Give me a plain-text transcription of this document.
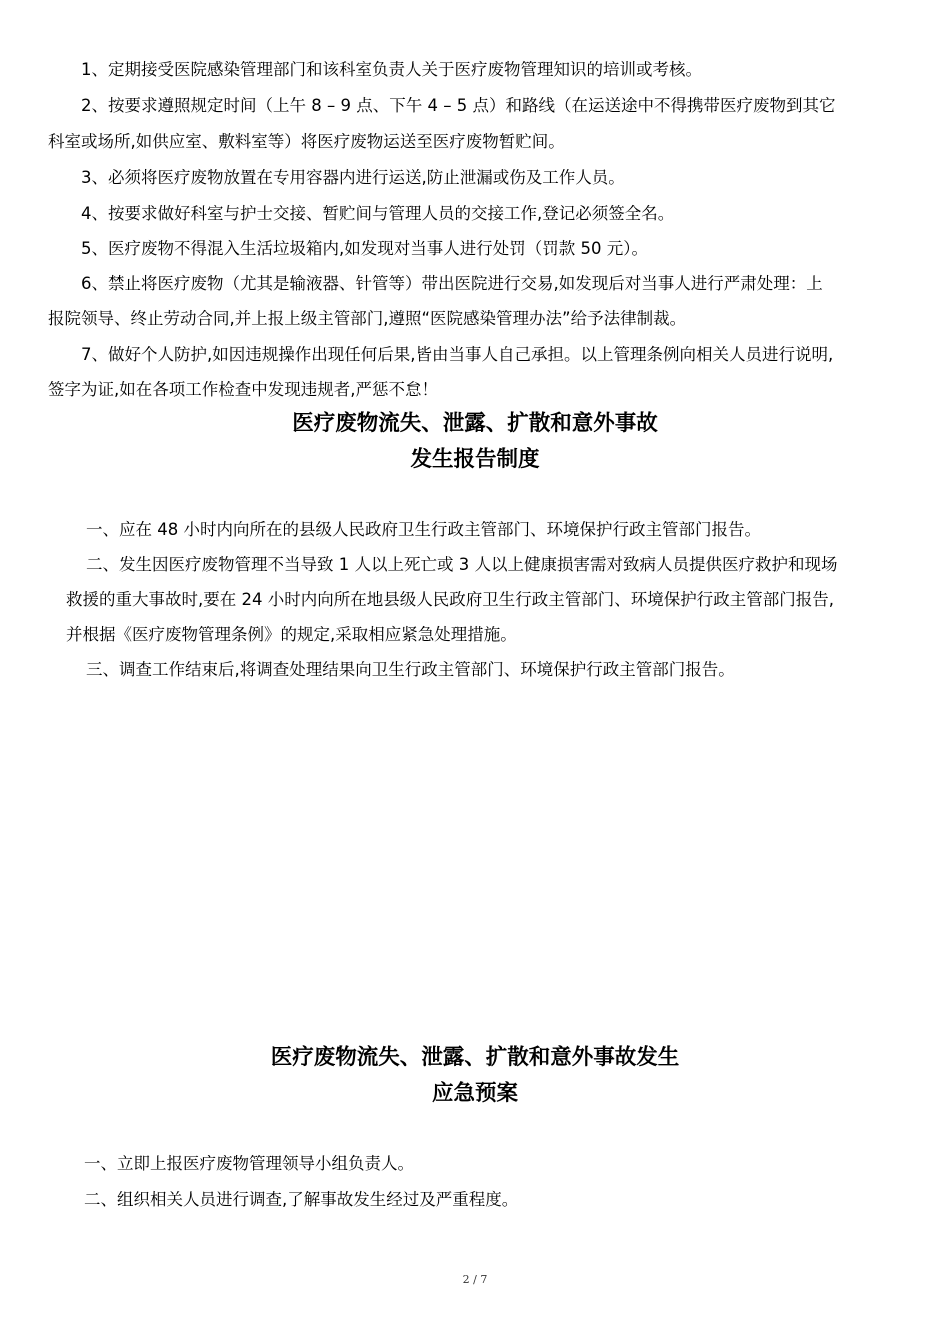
　　1、定期接受医院感染管理部门和该科室负责人关于医疗废物管理知识的培训或考核。

　　2、按要求遵照规定时间（上午 8 – 9 点、下午 4 – 5 点）和路线（在运送途中不得携带医疗废物到其它

科室或场所,如供应室、敷料室等）将医疗废物运送至医疗废物暂贮间。

　　3、必须将医疗废物放置在专用容器内进行运送,防止泄漏或伤及工作人员。

　　4、按要求做好科室与护士交接、暂贮间与管理人员的交接工作,登记必须签全名。

　　5、医疗废物不得混入生活垃圾箱内,如发现对当事人进行处罚（罚款 50 元）。

　　6、禁止将医疗废物（尤其是输液器、针管等）带出医院进行交易,如发现后对当事人进行严肃处理：上

报院领导、终止劳动合同,并上报上级主管部门,遵照“医院感染管理办法”给予法律制裁。

　　7、做好个人防护,如因违规操作出现任何后果,皆由当事人自己承担。以上管理条例向相关人员进行说明,

签字为证,如在各项工作检查中发现违规者,严惩不怠！

医疗废物流失、泄露、扩散和意外事故
发生报告制度

一、应在 48 小时内向所在的县级人民政府卫生行政主管部门、环境保护行政主管部门报告。

二、发生因医疗废物管理不当导致 1 人以上死亡或 3 人以上健康损害需对致病人员提供医疗救护和现场

救援的重大事故时,要在 24 小时内向所在地县级人民政府卫生行政主管部门、环境保护行政主管部门报告,

并根据《医疗废物管理条例》的规定,采取相应紧急处理措施。

三、调查工作结束后,将调查处理结果向卫生行政主管部门、环境保护行政主管部门报告。

医疗废物流失、泄露、扩散和意外事故发生
应急预案

一、立即上报医疗废物管理领导小组负责人。

二、组织相关人员进行调查,了解事故发生经过及严重程度。

2 / 7
